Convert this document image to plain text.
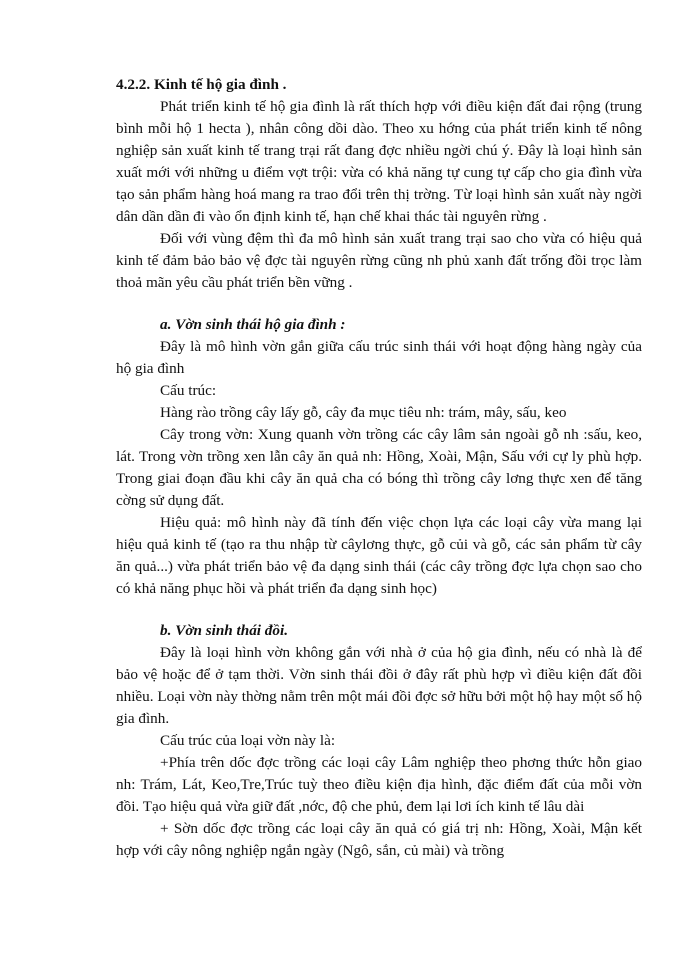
4.2.2. Kinh tế hộ gia đình .

Phát triển kinh tế hộ gia đình là rất thích hợp với điều kiện đất đai rộng (trung bình mỗi hộ 1 hecta ), nhân công dồi dào. Theo xu hớng của phát triển kinh tế nông nghiệp sản xuất kinh tế trang trại rất đang đợc nhiều ngời chú ý. Đây là loại hình sản xuất mới với những u điểm vợt trội: vừa có khả năng tự cung tự cấp cho gia đình vừa tạo sản phẩm hàng hoá mang ra trao đổi trên thị trờng. Từ loại hình sản xuất này ngời dân dần dần đi vào ổn định kinh tế, hạn chế khai thác tài nguyên rừng .

Đối với vùng đệm thì đa mô hình sản xuất trang trại sao cho vừa có hiệu quả kinh tế đảm bảo bảo vệ đợc tài nguyên rừng cũng nh phủ xanh đất trống đồi trọc làm thoả mãn yêu cầu phát triển bền vững .

a. Vờn sinh thái hộ gia đình :

Đây là mô hình vờn gắn giữa cấu trúc sinh thái với hoạt động hàng ngày của hộ gia đình

Cấu trúc:

Hàng rào trồng cây lấy gỗ, cây đa mục tiêu nh: trám, mây, sấu, keo

Cây trong vờn: Xung quanh vờn trồng các cây lâm sản ngoài gỗ nh :sấu, keo, lát. Trong vờn trồng xen lẫn cây ăn quả nh: Hồng, Xoài, Mận, Sấu với cự ly phù hợp. Trong giai đoạn đầu khi cây ăn quả cha có bóng thì trồng cây lơng thực xen để tăng cờng sử dụng đất.

Hiệu quả: mô hình này đã tính đến việc chọn lựa các loại cây vừa mang lại hiệu quả kinh tế (tạo ra thu nhập từ câylơng thực, gỗ củi và gỗ, các sản phẩm từ cây ăn quả...) vừa phát triển bảo vệ đa dạng sinh thái (các cây trồng đợc lựa chọn sao cho có khả năng phục hồi và phát triển đa dạng sinh học)

b. Vờn sinh thái đồi.

Đây là loại hình vờn không gắn với nhà ở của hộ gia đình, nếu có nhà là để bảo vệ hoặc để ở tạm thời. Vờn sinh thái đồi ở đây rất phù hợp vì điều kiện đất đồi nhiều. Loại vờn này thờng nằm trên một mái đồi đợc sở hữu bởi một hộ hay một số hộ gia đình.

Cấu trúc của loại vờn này là:

+Phía trên dốc đợc trồng các loại cây Lâm nghiệp theo phơng thức hỗn giao nh: Trám, Lát, Keo,Tre,Trúc tuỳ theo điều kiện địa hình, đặc điểm đất của mỗi vờn đồi. Tạo hiệu quả vừa giữ đất ,nớc, độ che phủ, đem lại lơi ích kinh tế lâu dài

+ Sờn dốc đợc trồng các loại cây ăn quả có giá trị nh: Hồng, Xoài, Mận kết hợp với cây nông nghiệp ngắn ngày (Ngô, sắn, củ mài) và trồng
